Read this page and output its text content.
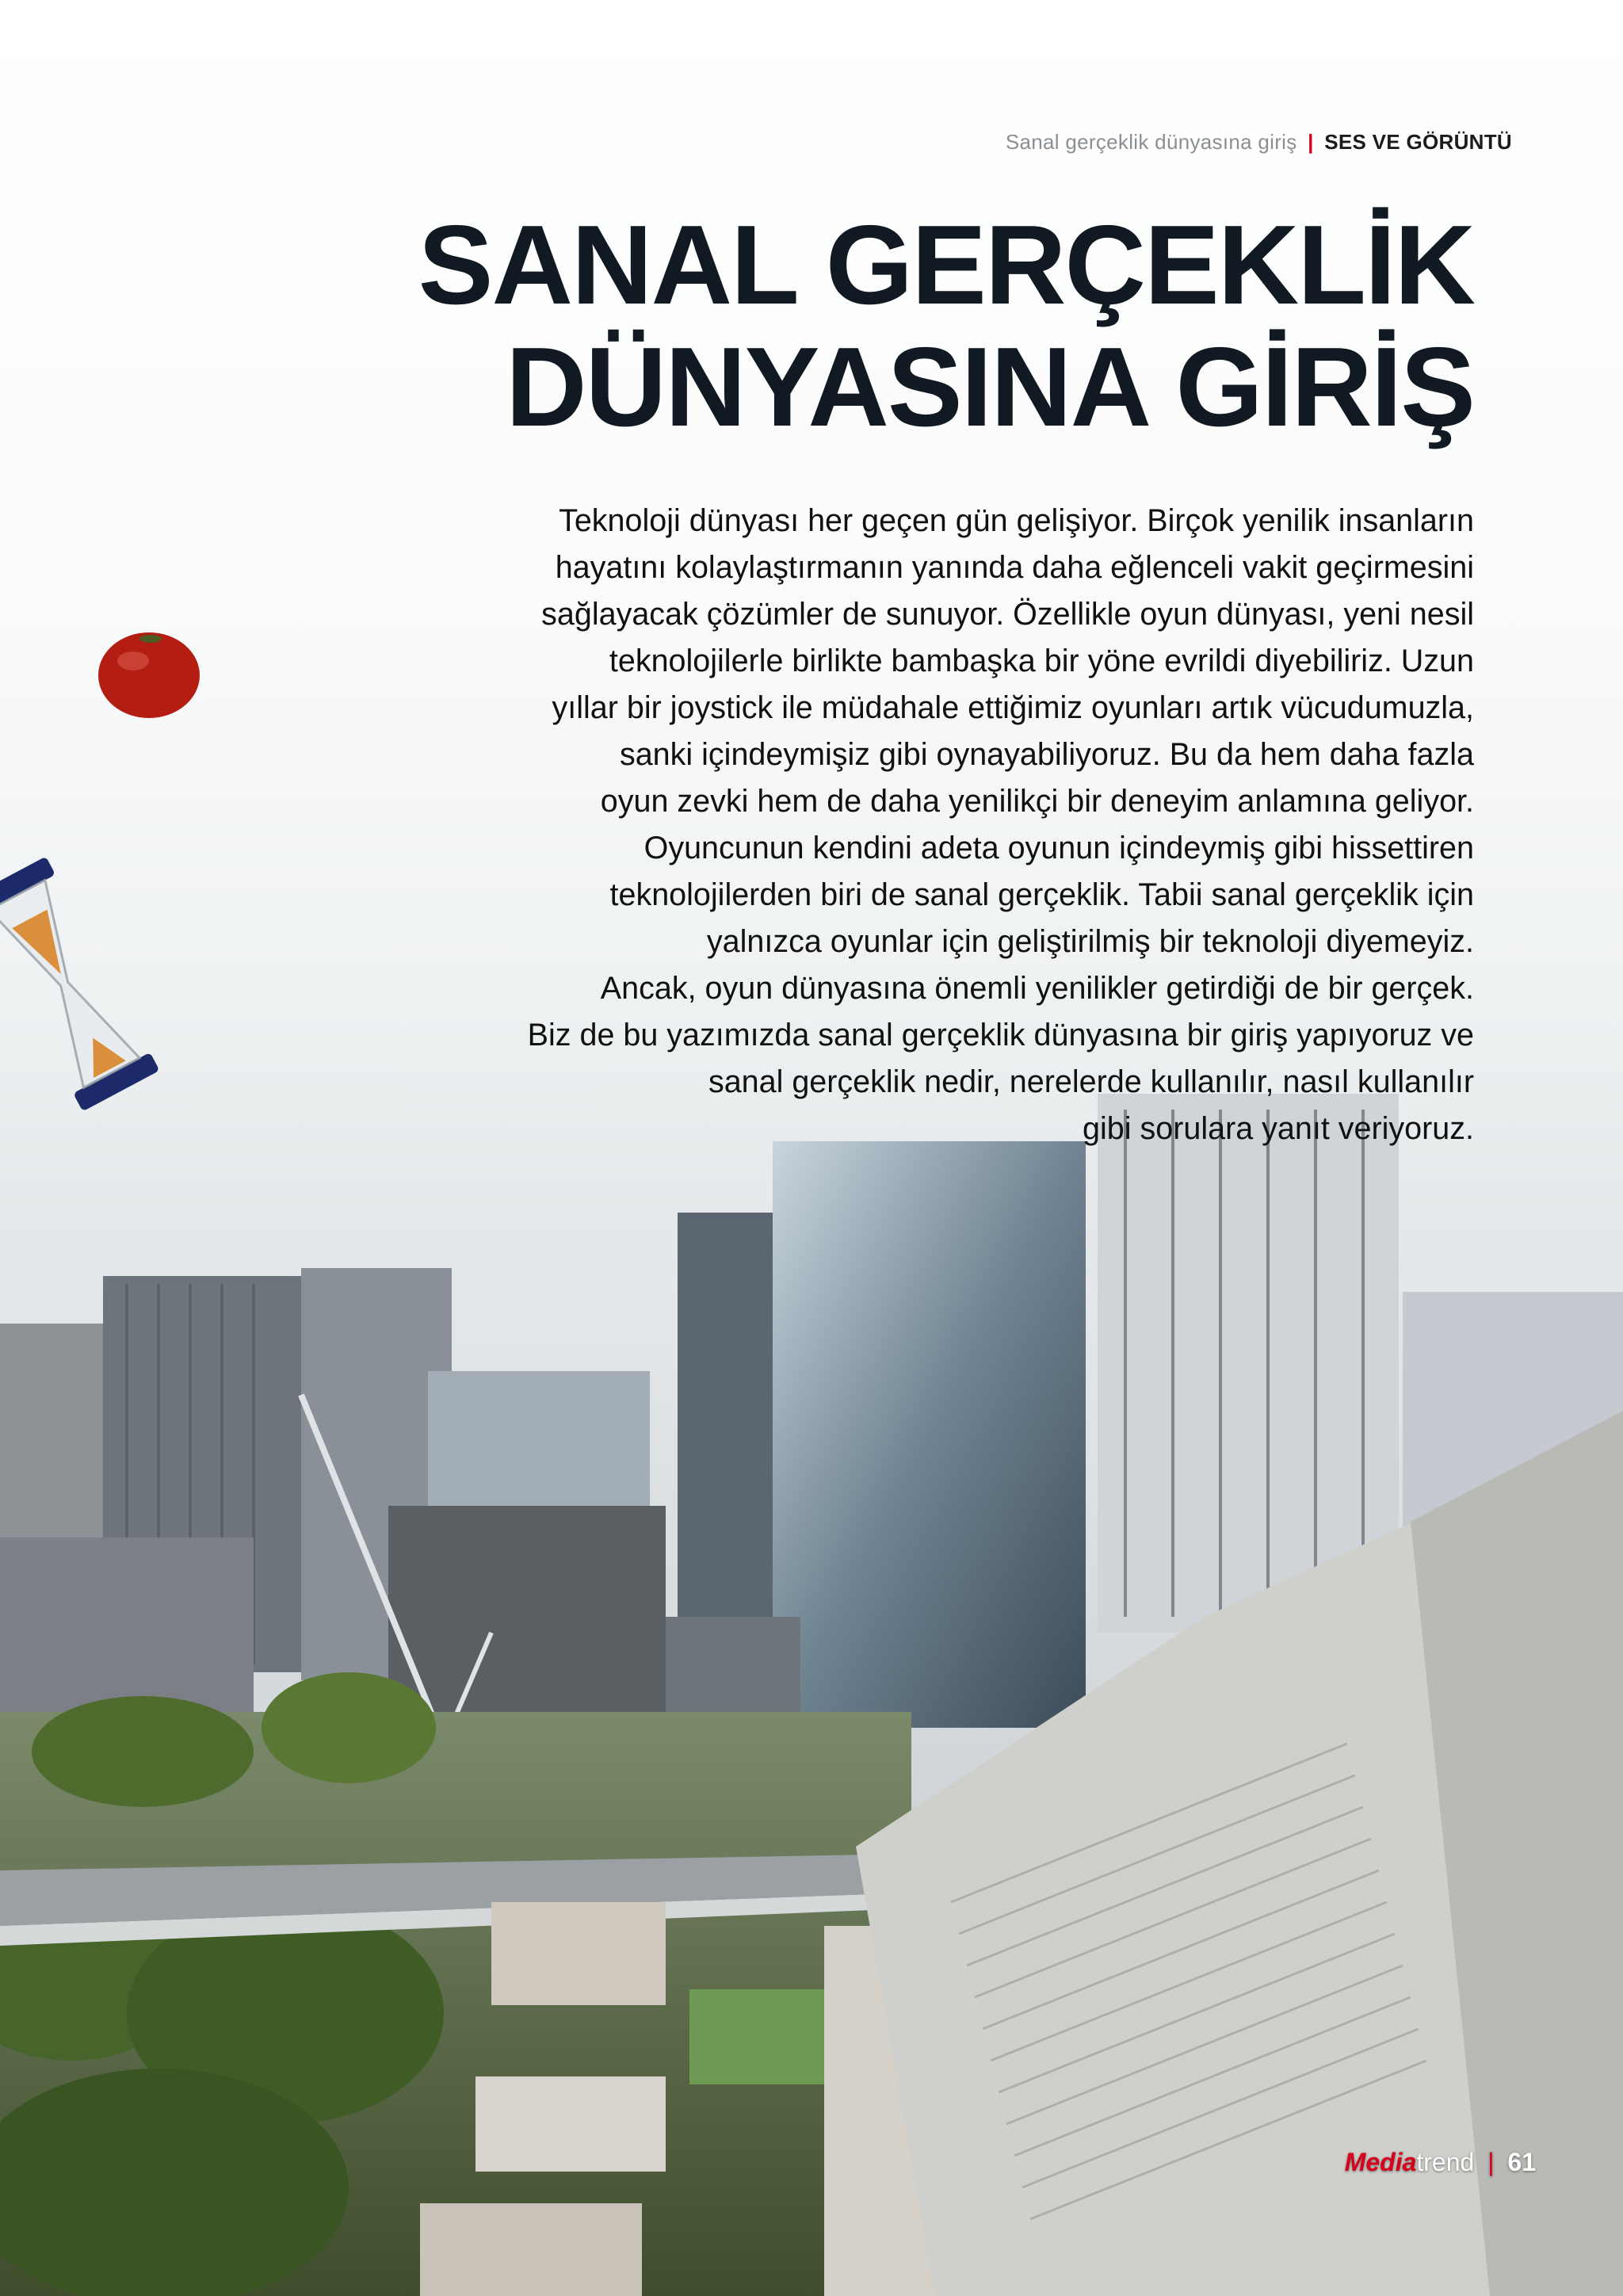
Sanal gerçeklik dünyasına giriş | SES VE GÖRÜNTÜ
SANAL GERÇEKLİK
DÜNYASINA GİRİŞ

Teknoloji dünyası her geçen gün gelişiyor. Birçok yenilik insanların
hayatını kolaylaştırmanın yanında daha eğlenceli vakit geçirmesini
sağlayacak çözümler de sunuyor. Özellikle oyun dünyası, yeni nesil
teknolojilerle birlikte bambaşka bir yöne evrildi diyebiliriz. Uzun
yıllar bir joystick ile müdahale ettiğimiz oyunları artık vücudumuzla,
sanki içindeymişiz gibi oynayabiliyoruz. Bu da hem daha fazla
oyun zevki hem de daha yenilikçi bir deneyim anlamına geliyor.
Oyuncunun kendini adeta oyunun içindeymiş gibi hissettiren
teknolojilerden biri de sanal gerçeklik. Tabii sanal gerçeklik için
yalnızca oyunlar için geliştirilmiş bir teknoloji diyemeyiz.
Ancak, oyun dünyasına önemli yenilikler getirdiği de bir gerçek.
Biz de bu yazımızda sanal gerçeklik dünyasına bir giriş yapıyoruz ve
sanal gerçeklik nedir, nerelerde kullanılır, nasıl kullanılır
gibi sorulara yanıt veriyoruz.

Mediatrend | 61
